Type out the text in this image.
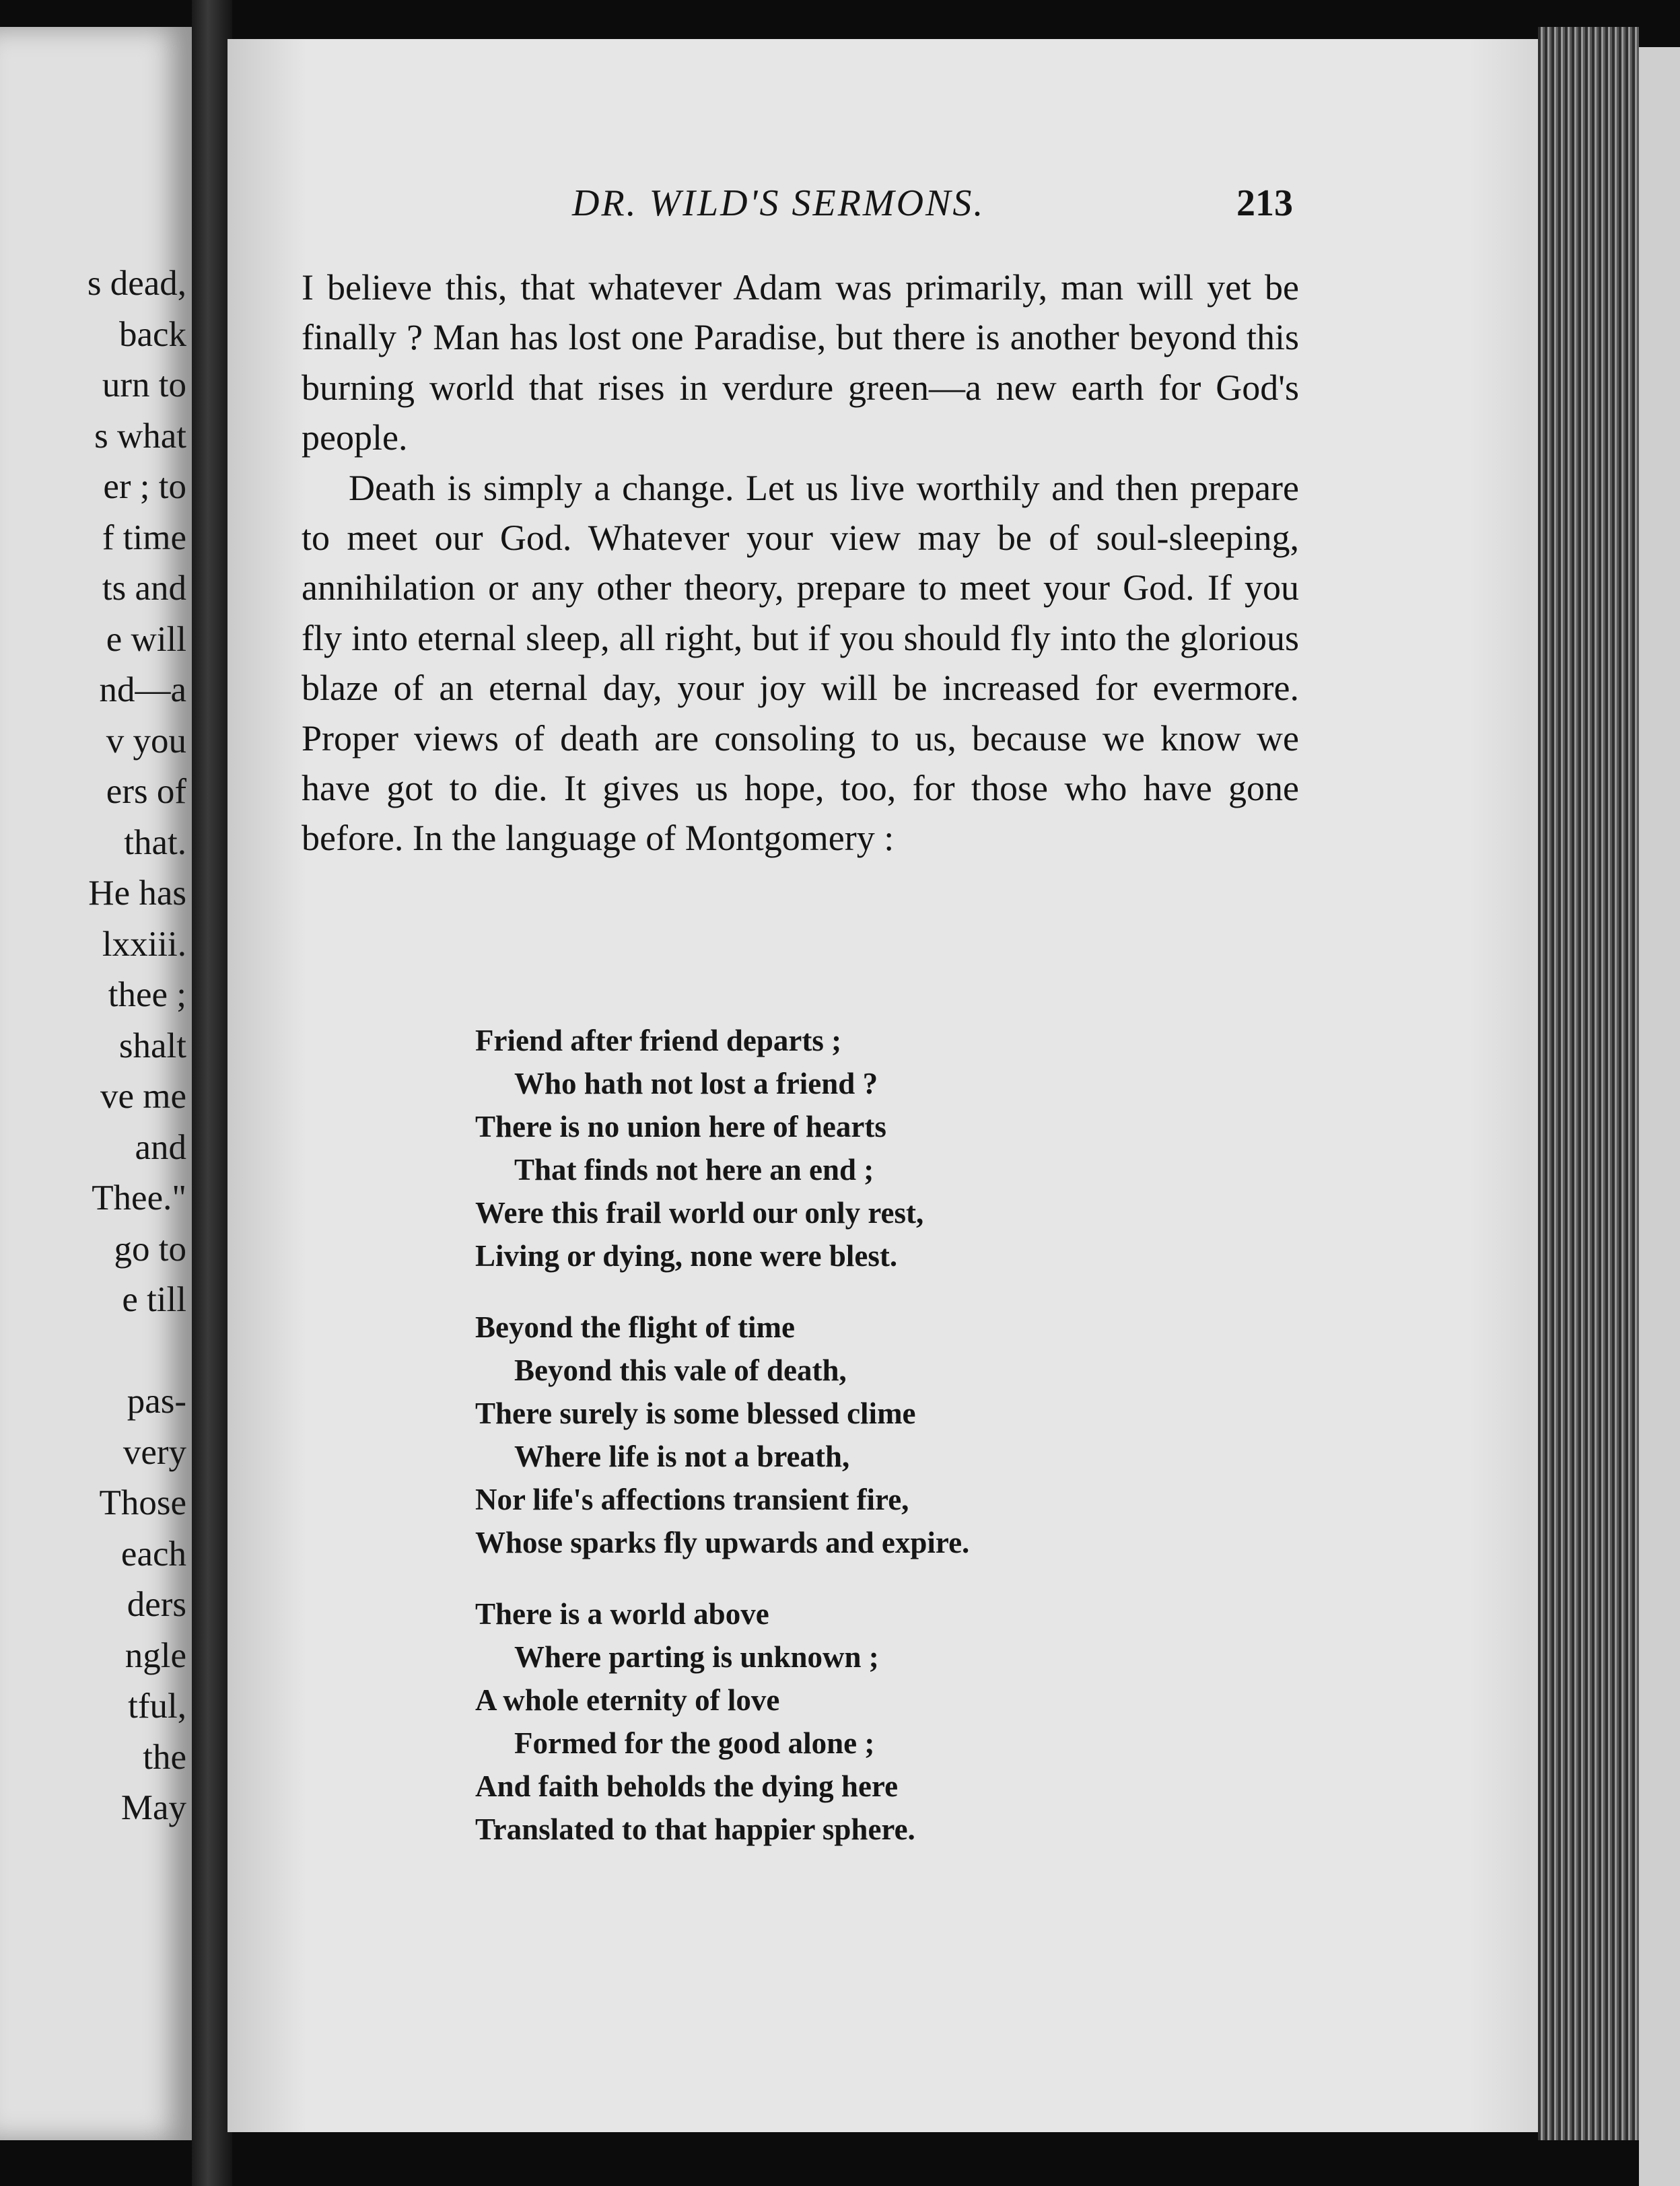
s dead,

back

urn to

s what

er ; to

f time

ts and

e will

nd—a

v you

ers of

that.

He has

lxxiii.

thee ;

shalt

ve me

and

Thee."

go to

e till

pas-

very

Those

each

ders

ngle

tful,

the

May

DR. WILD'S SERMONS.	213

I believe this, that whatever Adam was primarily, man will yet be finally ? Man has lost one Paradise, but there is another beyond this burning world that rises in verdure green—a new earth for God's people.

Death is simply a change. Let us live worthily and then prepare to meet our God. Whatever your view may be of soul-sleeping, annihilation or any other theory, prepare to meet your God. If you fly into eternal sleep, all right, but if you should fly into the glorious blaze of an eternal day, your joy will be increased for evermore. Proper views of death are consoling to us, because we know we have got to die. It gives us hope, too, for those who have gone before. In the language of Montgomery :

Friend after friend departs ;
Who hath not lost a friend ?
There is no union here of hearts
That finds not here an end ;
Were this frail world our only rest,
Living or dying, none were blest.
Beyond the flight of time
Beyond this vale of death,
There surely is some blessed clime
Where life is not a breath,
Nor life's affections transient fire,
Whose sparks fly upwards and expire.
There is a world above
Where parting is unknown ;
A whole eternity of love
Formed for the good alone ;
And faith beholds the dying here
Translated to that happier sphere.
